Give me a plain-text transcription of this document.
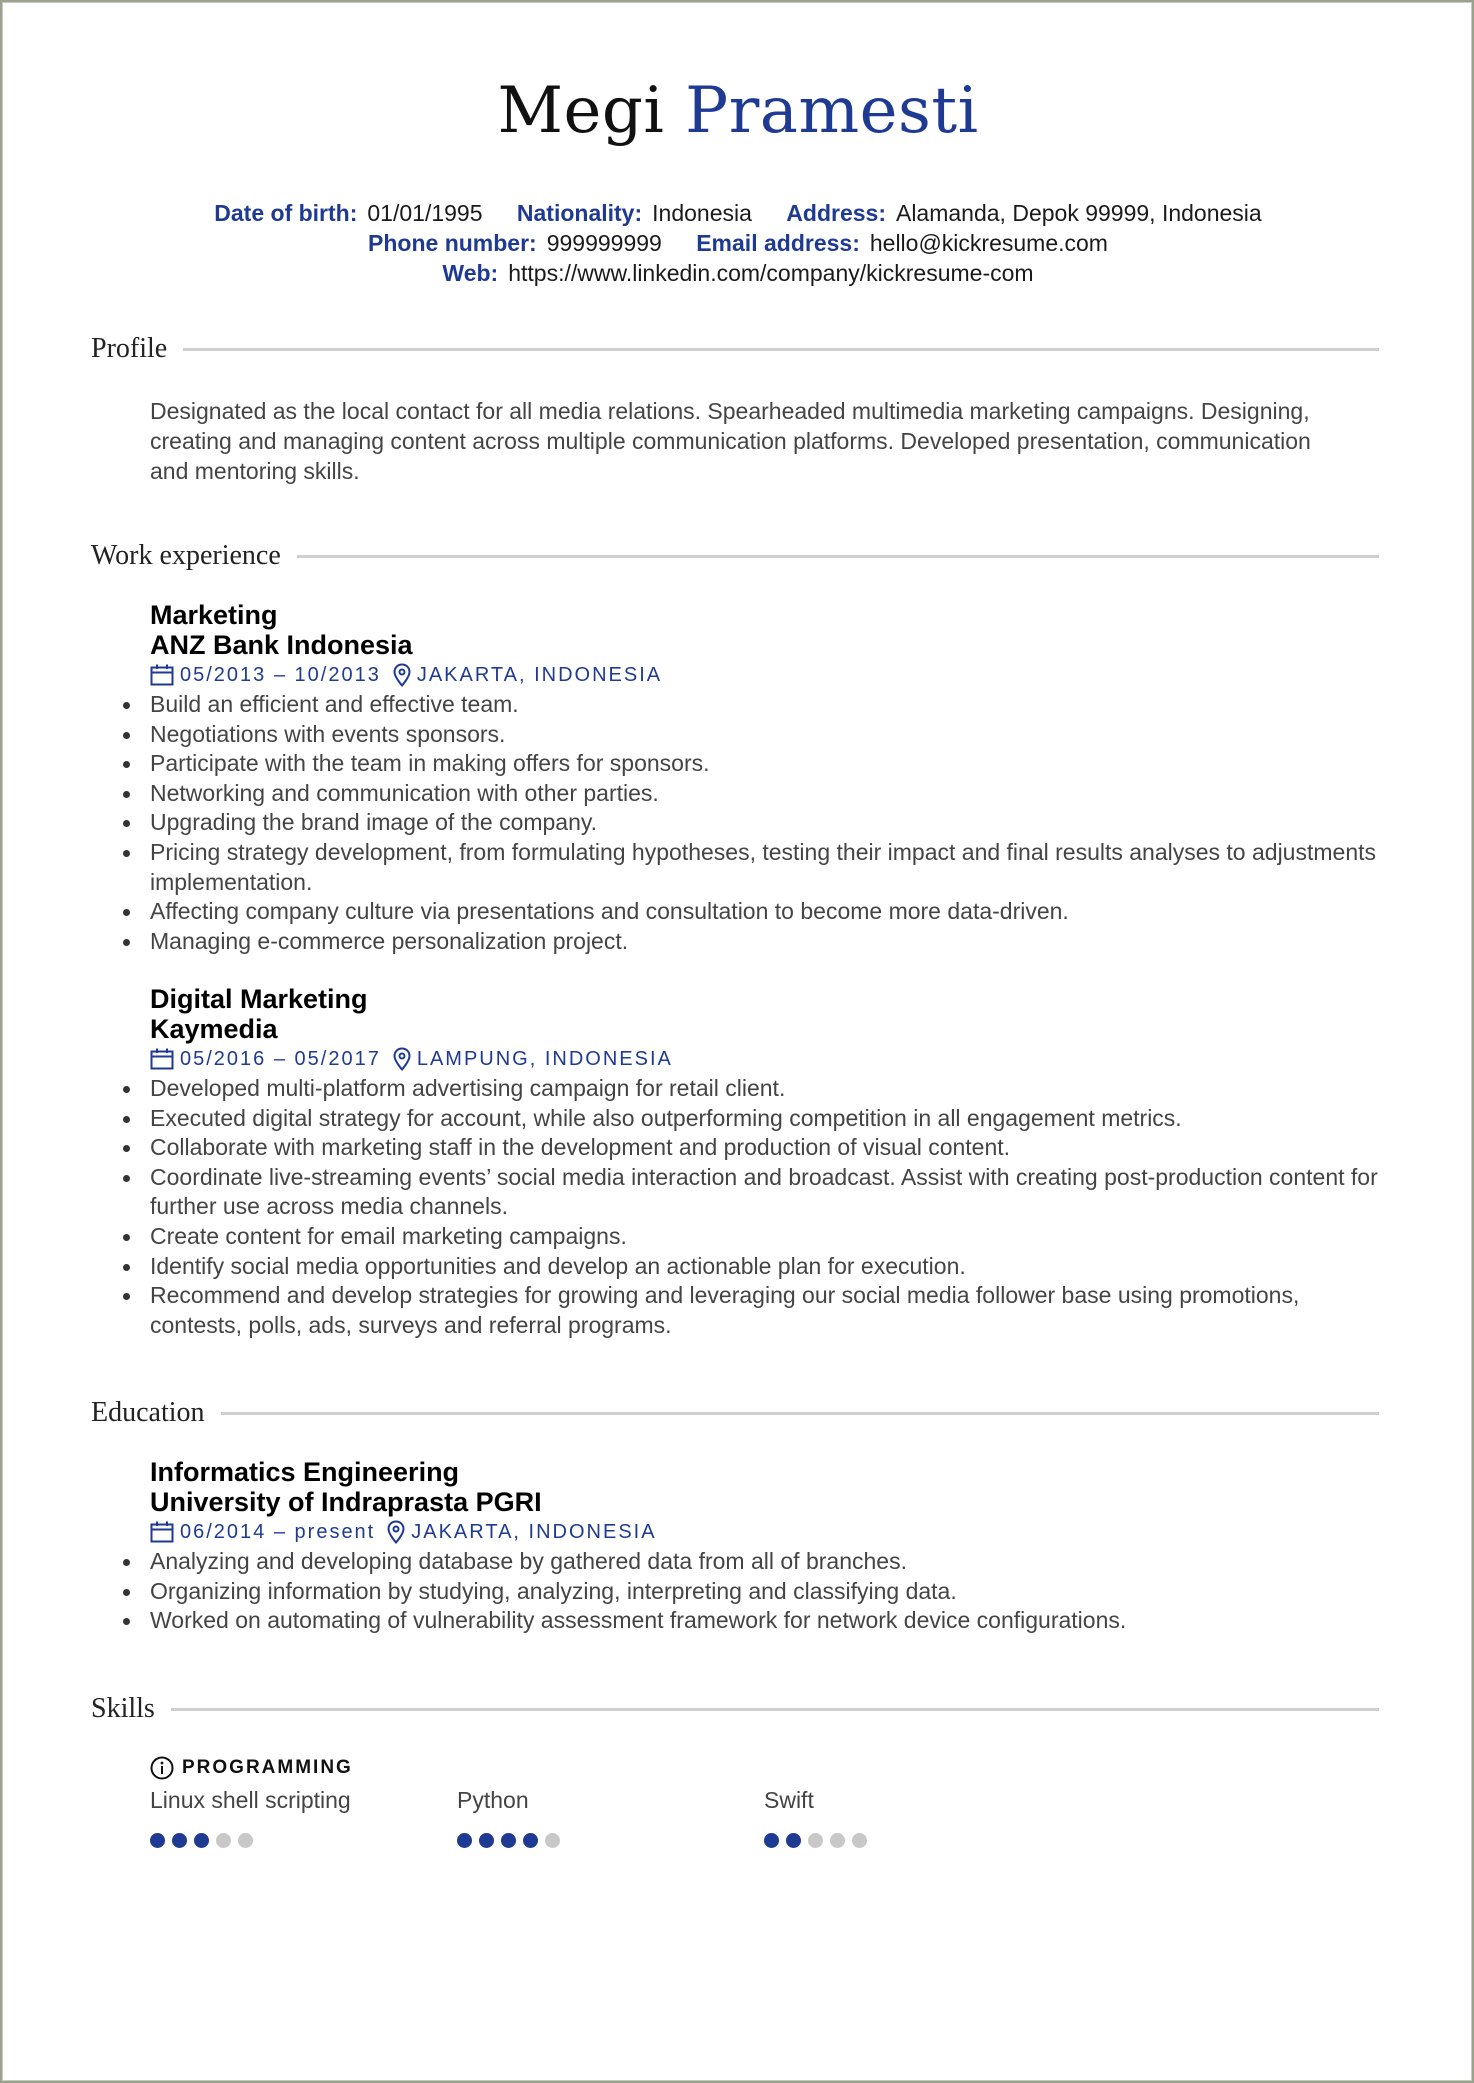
Megi Pramesti
Date of birth: 01/01/1995 Nationality: Indonesia Address: Alamanda, Depok 99999, Indonesia
Phone number: 999999999 Email address: hello@kickresume.com
Web: https://www.linkedin.com/company/kickresume-com
Profile
Designated as the local contact for all media relations. Spearheaded multimedia marketing campaigns. Designing,
creating and managing content across multiple communication platforms. Developed presentation, communication
and mentoring skills.
Work experience
Marketing
ANZ Bank Indonesia
05/2013 – 10/2013 JAKARTA, INDONESIA
Build an efficient and effective team.
Negotiations with events sponsors.
Participate with the team in making offers for sponsors.
Networking and communication with other parties.
Upgrading the brand image of the company.
Pricing strategy development, from formulating hypotheses, testing their impact and final results analyses to adjustments implementation.
Affecting company culture via presentations and consultation to become more data-driven.
Managing e-commerce personalization project.
Digital Marketing
Kaymedia
05/2016 – 05/2017 LAMPUNG, INDONESIA
Developed multi-platform advertising campaign for retail client.
Executed digital strategy for account, while also outperforming competition in all engagement metrics.
Collaborate with marketing staff in the development and production of visual content.
Coordinate live-streaming events’ social media interaction and broadcast. Assist with creating post-production content for further use across media channels.
Create content for email marketing campaigns.
Identify social media opportunities and develop an actionable plan for execution.
Recommend and develop strategies for growing and leveraging our social media follower base using promotions, contests, polls, ads, surveys and referral programs.
Education
Informatics Engineering
University of Indraprasta PGRI
06/2014 – present JAKARTA, INDONESIA
Analyzing and developing database by gathered data from all of branches.
Organizing information by studying, analyzing, interpreting and classifying data.
Worked on automating of vulnerability assessment framework for network device configurations.
Skills
PROGRAMMING
Linux shell scripting	Python	Swift
